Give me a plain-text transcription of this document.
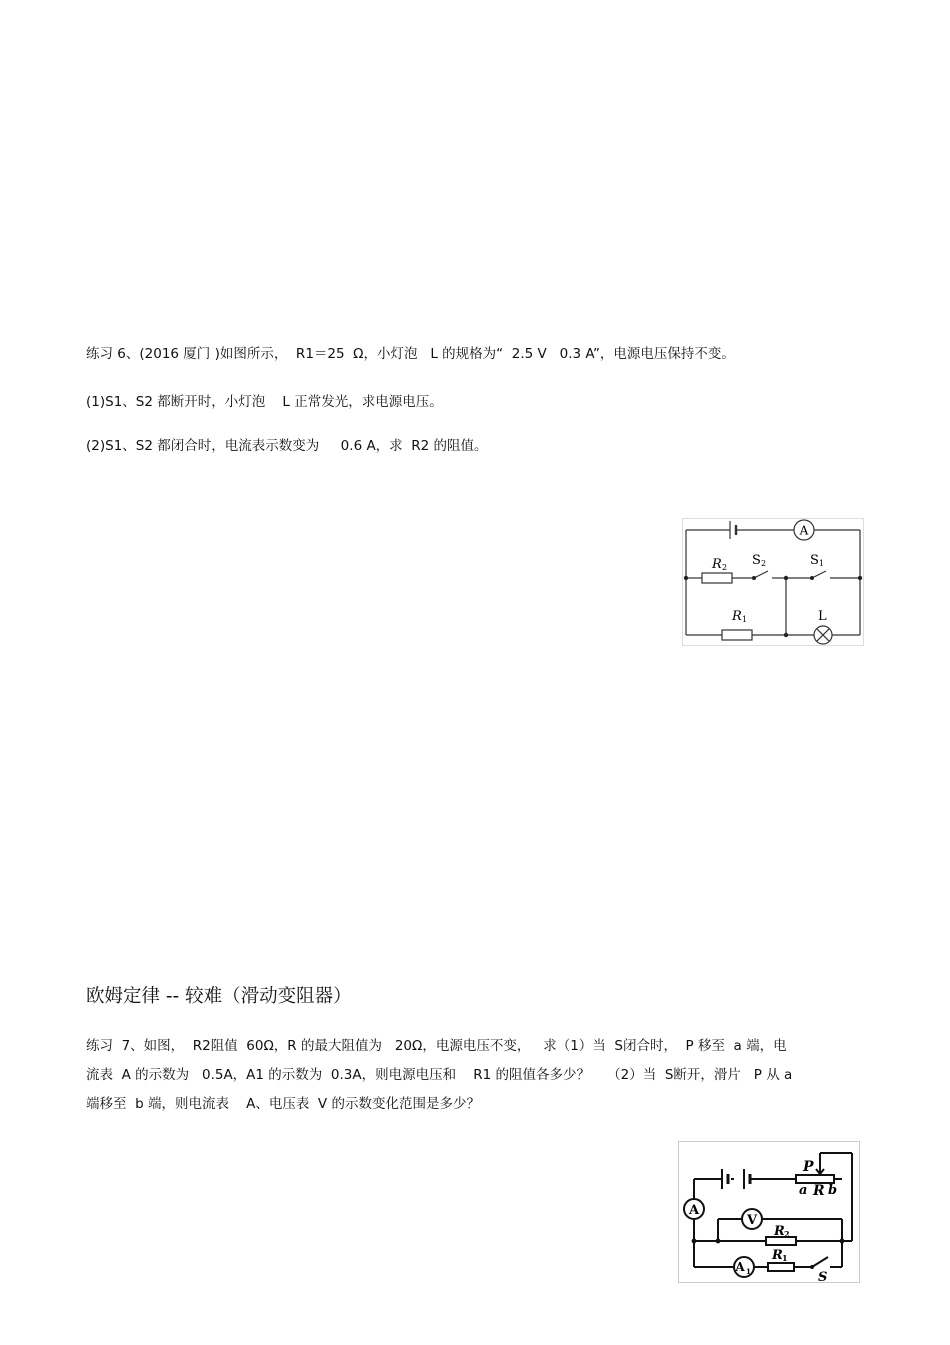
练习 6、(2016 厦门 )如图所示，  R1＝25  Ω，小灯泡   L 的规格为“  2.5 V   0.3 A”，电源电压保持不变。
(1)S1、S2 都断开时，小灯泡    L 正常发光，求电源电压。
(2)S1、S2 都闭合时，电流表示数变为     0.6 A，求  R2 的阻值。
A
R 2 S 2	S 1
R 1	L
欧姆定律 -- 较难（滑动变阻器）
练习  7、如图，  R2阻值  60Ω，R 的最大阻值为   20Ω，电源电压不变，   求（1）当  S闭合时，  P 移至  a 端，电
流表  A 的示数为   0.5A，A1 的示数为  0.3A，则电源电压和    R1 的阻值各多少？    （2）当  S断开，滑片   P 从 a
端移至  b 端，则电流表    A、电压表  V 的示数变化范围是多少？
P
a R b
A
V
R 2
R 1
A 1	S
